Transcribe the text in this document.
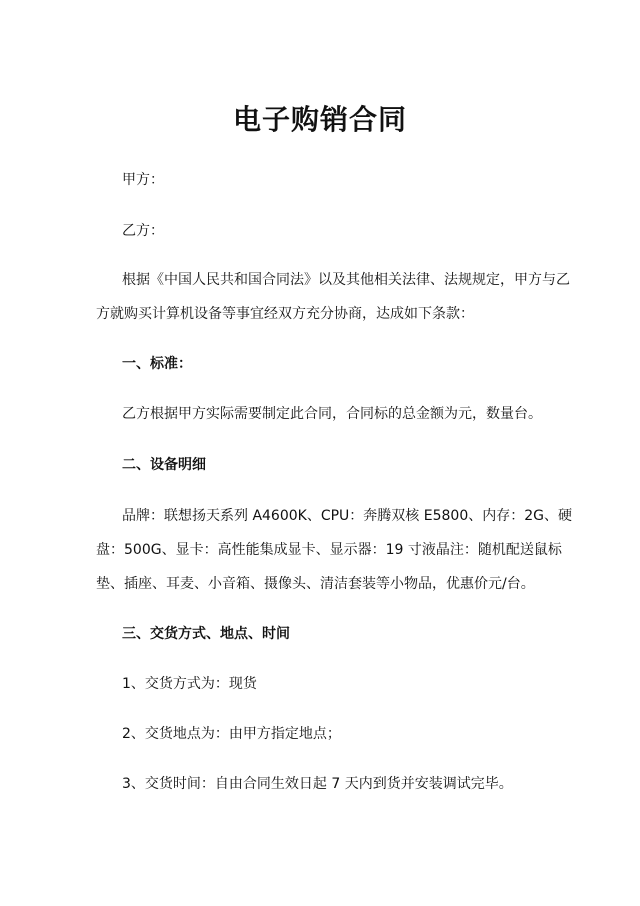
电子购销合同
甲方：
乙方：
根据《中国人民共和国合同法》以及其他相关法律、法规规定，甲方与乙
方就购买计算机设备等事宜经双方充分协商，达成如下条款：
一、标准：
乙方根据甲方实际需要制定此合同，合同标的总金额为元，数量台。
二、设备明细
品牌：联想扬天系列 A4600K、CPU：奔腾双核 E5800、内存：2G、硬
盘：500G、显卡：高性能集成显卡、显示器：19 寸液晶注：随机配送鼠标
垫、插座、耳麦、小音箱、摄像头、清洁套装等小物品，优惠价元/台。
三、交货方式、地点、时间
1、交货方式为：现货
2、交货地点为：由甲方指定地点；
3、交货时间：自由合同生效日起 7 天内到货并安装调试完毕。
